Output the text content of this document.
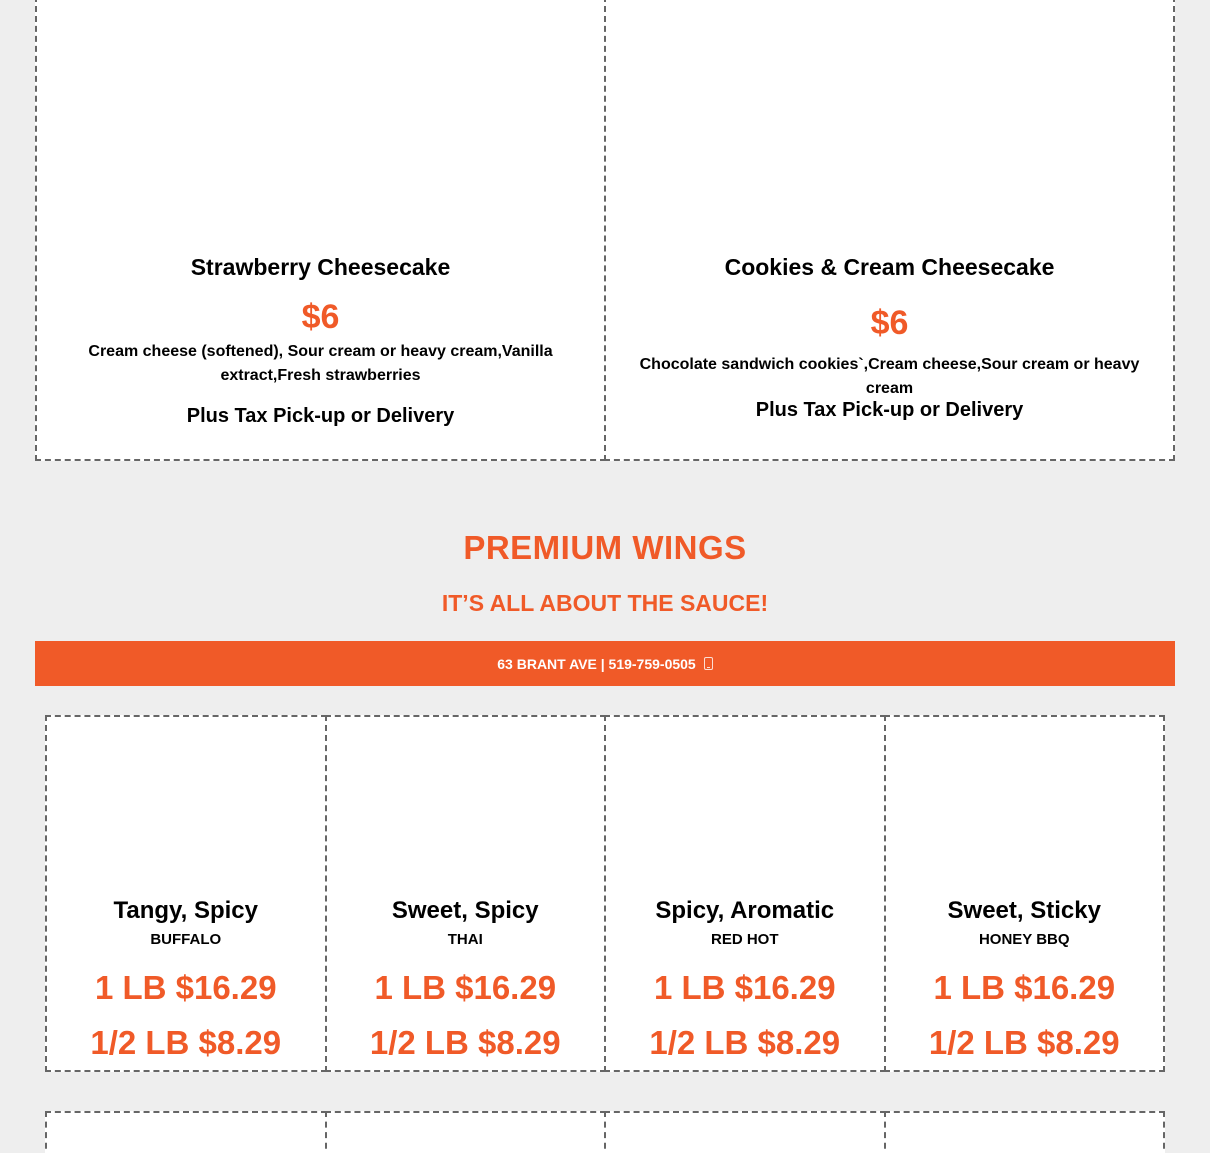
Strawberry Cheesecake
$6
Cream cheese (softened), Sour cream or heavy cream,Vanilla extract,Fresh strawberries
Plus Tax Pick-up or Delivery
Cookies & Cream Cheesecake
$6
Chocolate sandwich cookies`,Cream cheese,Sour cream or heavy cream
Plus Tax Pick-up or Delivery
PREMIUM WINGS
IT’S ALL ABOUT THE SAUCE!
63 BRANT AVE | 519-759-0505
Tangy, Spicy
BUFFALO
1 LB $16.29
1/2 LB $8.29
Sweet, Spicy
THAI
1 LB $16.29
1/2 LB $8.29
Spicy, Aromatic
RED HOT
1 LB $16.29
1/2 LB $8.29
Sweet, Sticky
HONEY BBQ
1 LB $16.29
1/2 LB $8.29
